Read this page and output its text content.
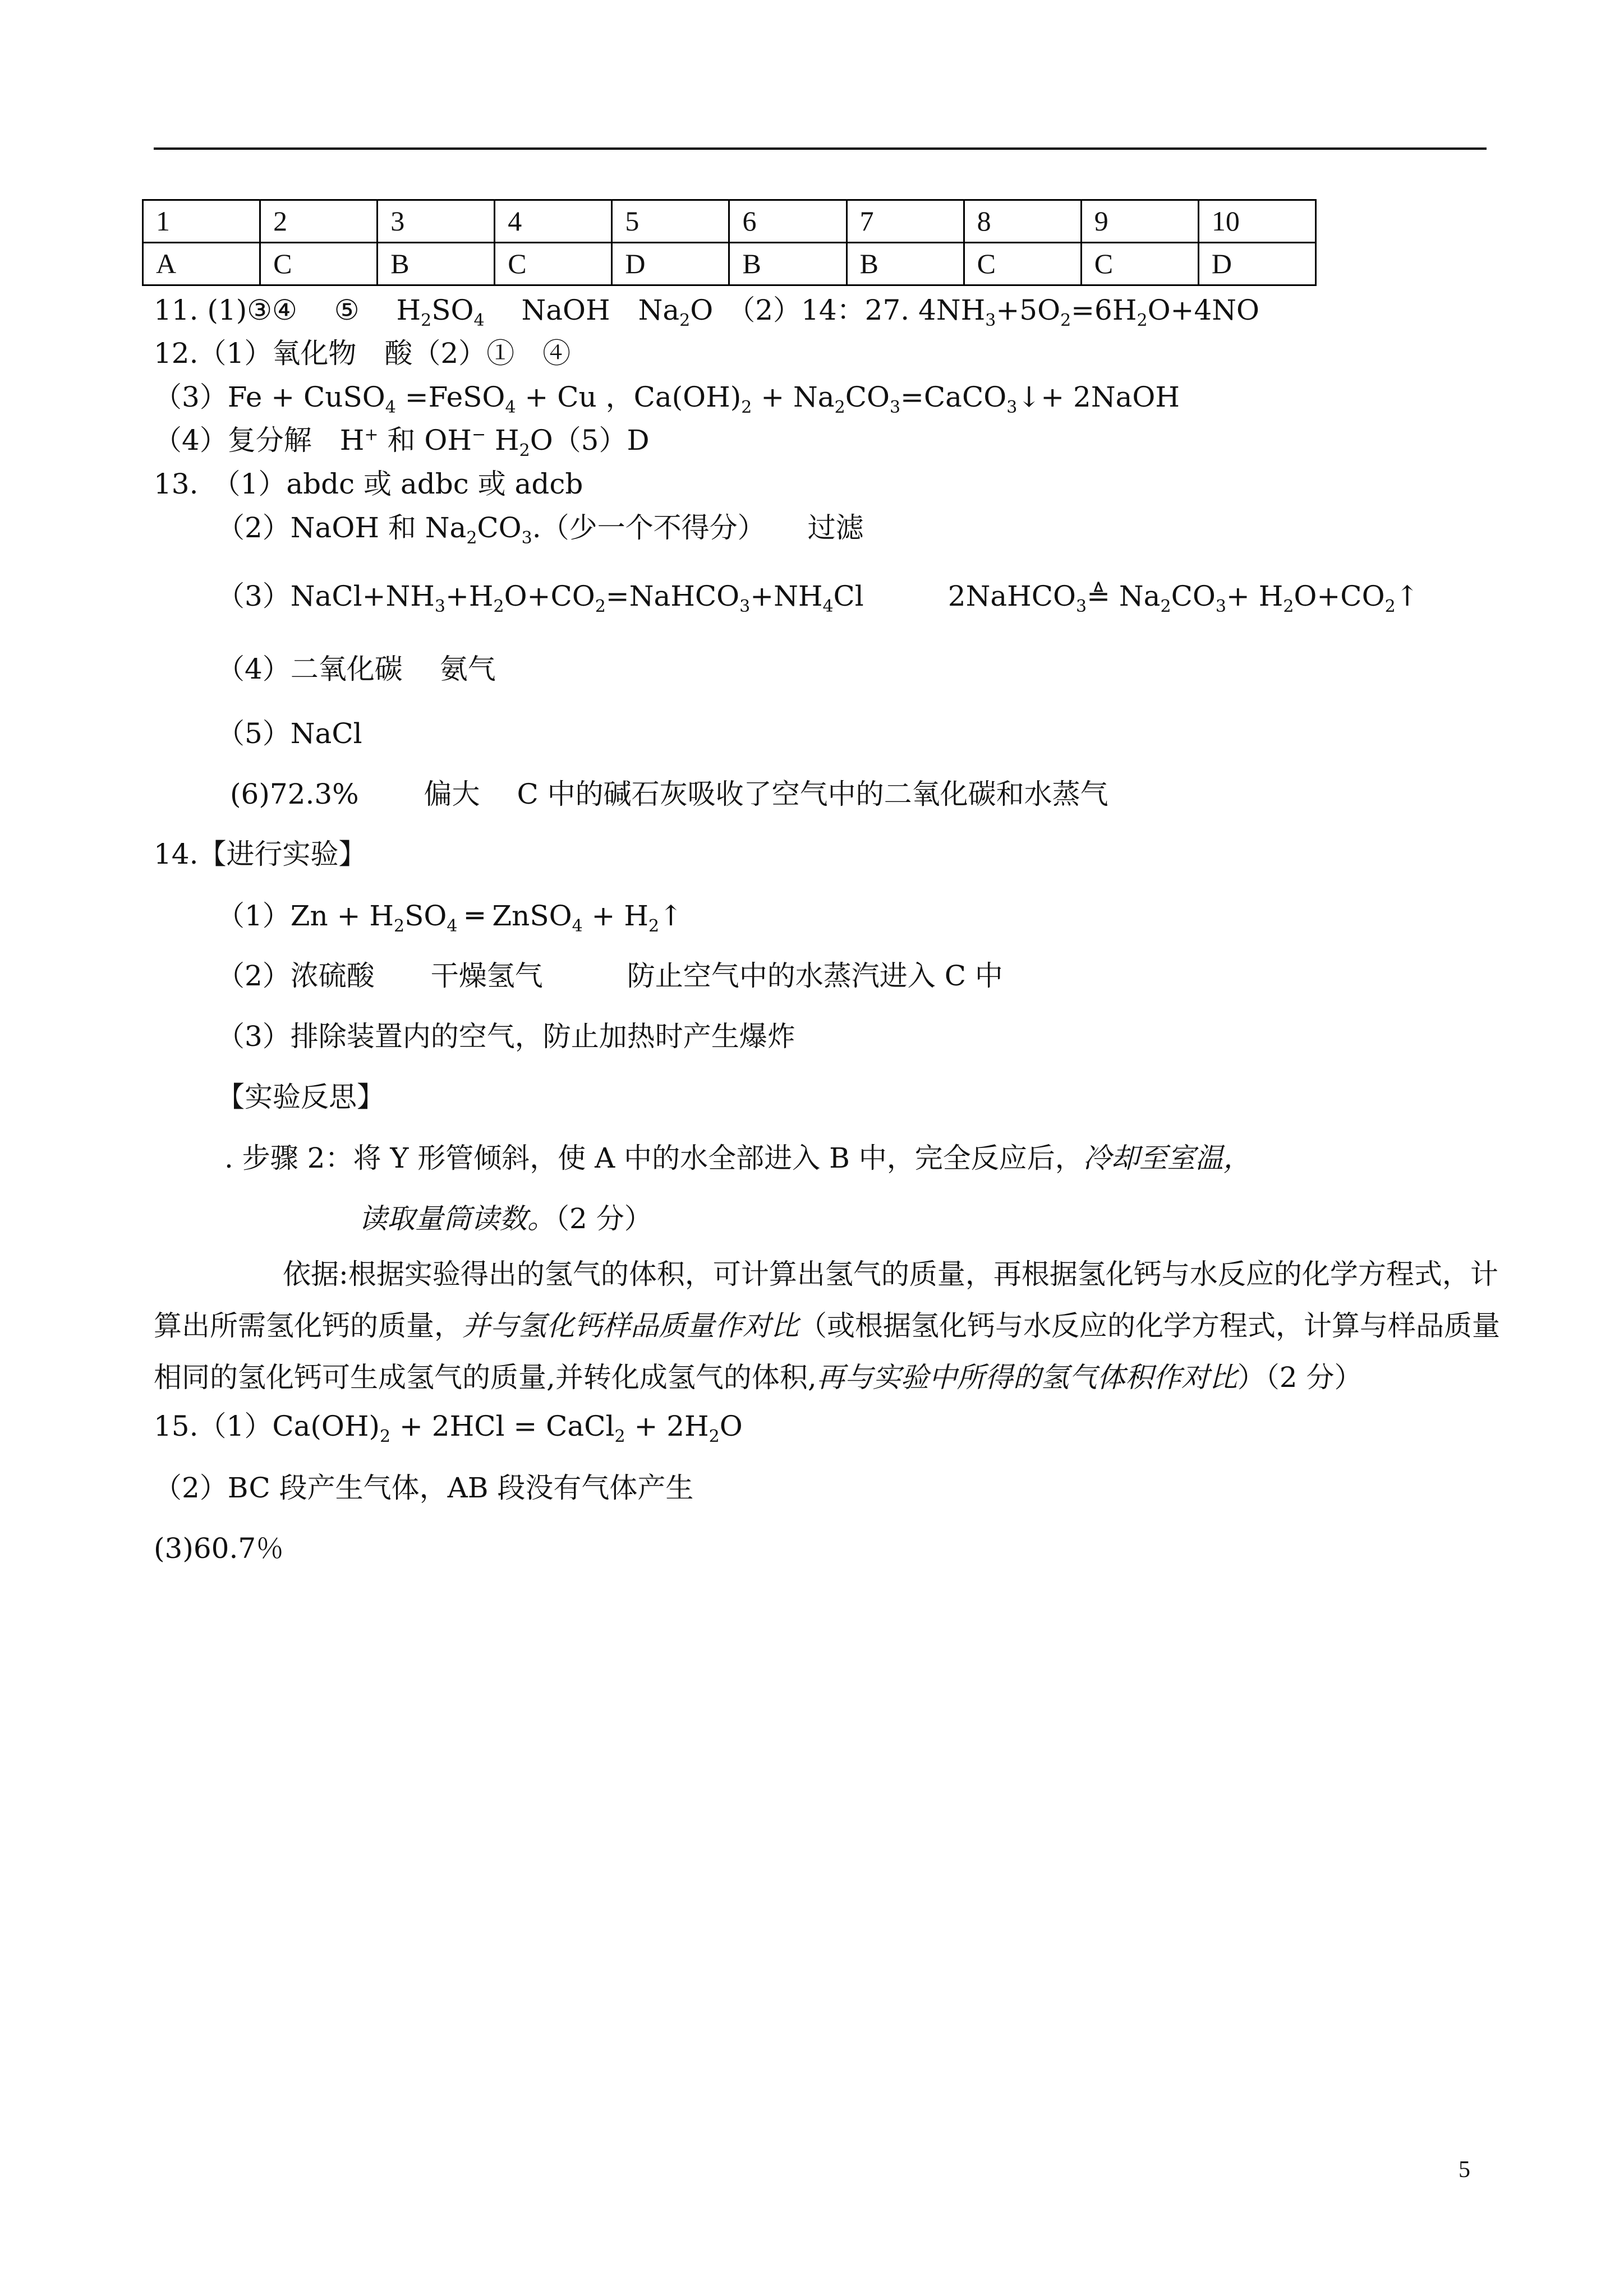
1	2	3	4	5	6	7	8	9	10
A	C	B	C	D	B	B	C	C	D
11. (1)③④　 ⑤　 $H_2SO_4$　 NaOH　$Na_2O$　（2）14：27. $4NH_3+5O_2=6H_2O+4NO$
12.（1）氧化物　酸（2）①　④
（3）Fe + CuSO$_4$ =FeSO$_4$ + Cu ，$Ca(OH)_2$ + $Na_2CO_3=CaCO_3↓+$ 2NaOH
（4）复分解　H+ 和 OH− $H_2O(5)D$
13.　（1）abdc 或 adbc 或 adcb
（2）NaOH 和 $Na_2CO_3$.（少一个不得分）　　过滤
$(3)NaCl+NH_3+H_2O+CO_2=NaHCO_3+NH_4Cl$　　　2NaHCO$_3$≜ $Na_2CO_3+$ $H_2O+CO_2↑$
（4）二氧化碳　 氨气
（5）NaCl
(6)72.3%　　 偏大　 C 中的碱石灰吸收了空气中的二氧化碳和水蒸气
14.【进行实验】
$(1)Zn + H_2SO_4$ ═ ZnSO$_4$ + $H_2↑$
（2）浓硫酸　　干燥氢气　　　防止空气中的水蒸汽进入 C 中
（3）排除装置内的空气，防止加热时产生爆炸
【实验反思】
. 步骤 2：将 Y 形管倾斜，使 A 中的水全部进入 B 中，完全反应后，冷却至室温，
读取量筒读数。（2 分）
依据:根据实验得出的氢气的体积，可计算出氢气的质量，再根据氢化钙与水反应的化学方程式，计算出所需氢化钙的质量，并与氢化钙样品质量作对比（或根据氢化钙与水反应的化学方程式，计算与样品质量相同的氢化钙可生成氢气的质量,并转化成氢气的体积,再与实验中所得的氢气体积作对比）（2 分）
$15.(1)Ca(OH)_2 + 2HCl$ = CaCl$_2$ + $2H_2O$
（2）BC 段产生气体，AB 段没有气体产生
(3)60.7％
5
